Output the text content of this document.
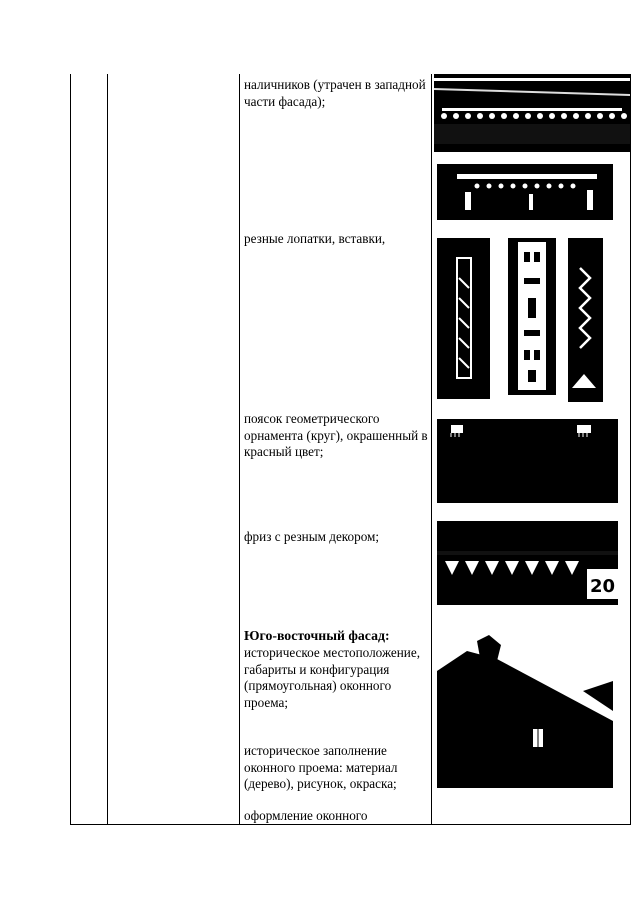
наличников (утрачен в западной части фасада);
резные лопатки, вставки,
поясок геометрического орнамента (круг), окрашенный в красный цвет;
фриз с резным декором;
20
Юго-восточный фасад:
историческое местоположение, габариты и конфигурация (прямоугольная) оконного проема;
историческое заполнение оконного проема: материал (дерево), рисунок, окраска;
оформление оконного
